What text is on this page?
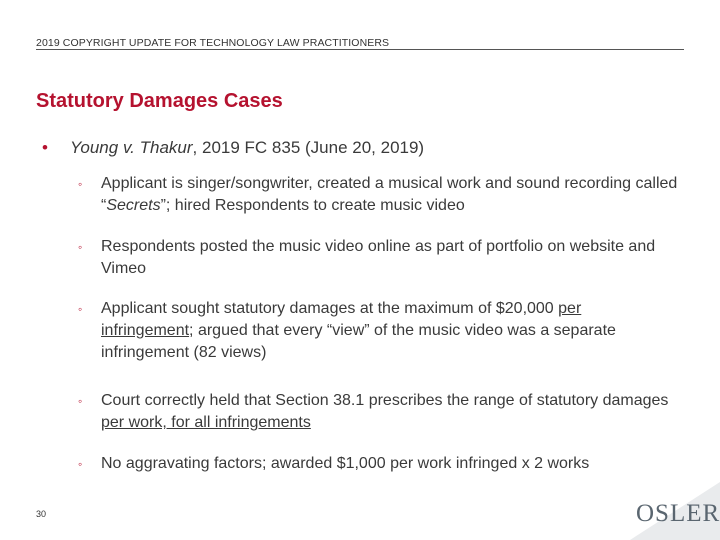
2019 COPYRIGHT UPDATE FOR TECHNOLOGY LAW PRACTITIONERS
Statutory Damages Cases
• Young v. Thakur, 2019 FC 835 (June 20, 2019)
◦ Applicant is singer/songwriter, created a musical work and sound recording called “Secrets”; hired Respondents to create music video
◦ Respondents posted the music video online as part of portfolio on website and Vimeo
◦ Applicant sought statutory damages at the maximum of $20,000 per infringement; argued that every “view” of the music video was a separate infringement (82 views)
◦ Court correctly held that Section 38.1 prescribes the range of statutory damages per work, for all infringements
◦ No aggravating factors; awarded $1,000 per work infringed x 2 works
30	OSLER
